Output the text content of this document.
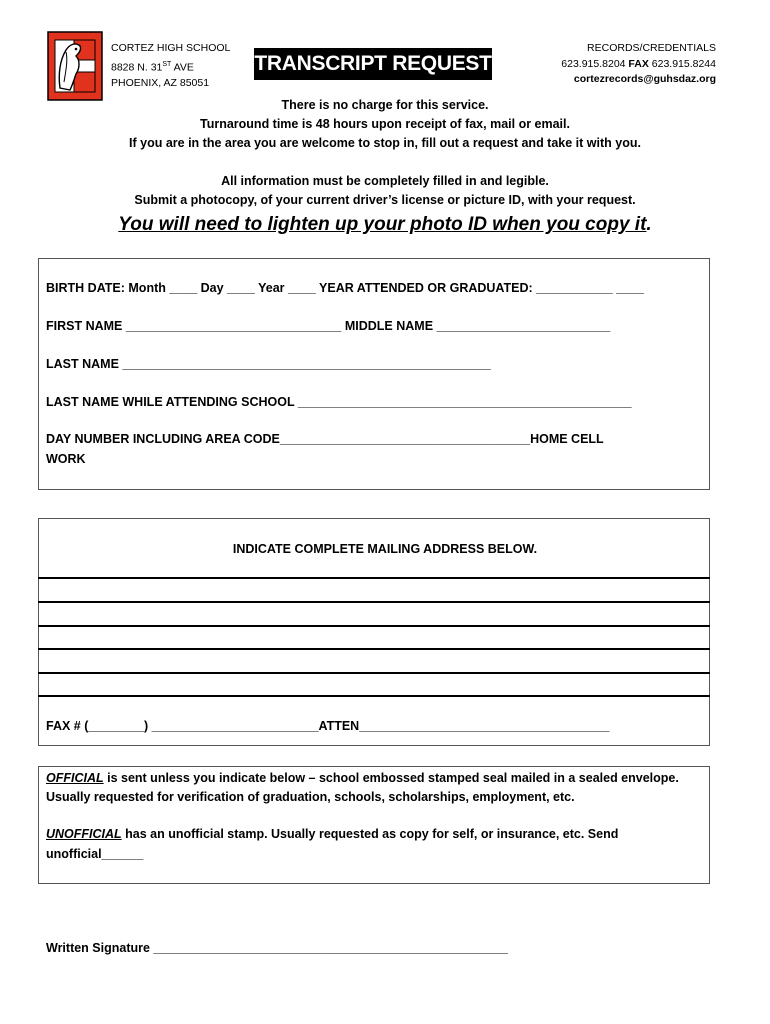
CORTEZ HIGH SCHOOL
8828 N. 31ST AVE
PHOENIX, AZ 85051
TRANSCRIPT REQUEST
RECORDS/CREDENTIALS
623.915.8204 FAX 623.915.8244
cortezrecords@guhsdaz.org
There is no charge for this service.
Turnaround time is 48 hours upon receipt of fax, mail or email.
If you are in the area you are welcome to stop in, fill out a request and take it with you.
All information must be completely filled in and legible.
Submit a photocopy, of your current driver’s license or picture ID, with your request.
You will need to lighten up your photo ID when you copy it.
BIRTH DATE: Month ____ Day ____ Year ____ YEAR ATTENDED OR GRADUATED: ___________ ____
FIRST NAME _______________________________ MIDDLE NAME _________________________
LAST NAME _____________________________________________________
LAST NAME WHILE ATTENDING SCHOOL ________________________________________________
DAY NUMBER INCLUDING AREA CODE____________________________________HOME CELL
WORK
INDICATE COMPLETE MAILING ADDRESS BELOW.
FAX # (________) ________________________ATTEN____________________________________
OFFICIAL is sent unless you indicate below – school embossed stamped seal mailed in a sealed envelope.
Usually requested for verification of graduation, schools, scholarships, employment, etc.
UNOFFICIAL has an unofficial stamp. Usually requested as copy for self, or insurance, etc. Send
unofficial______
Written Signature ___________________________________________________
